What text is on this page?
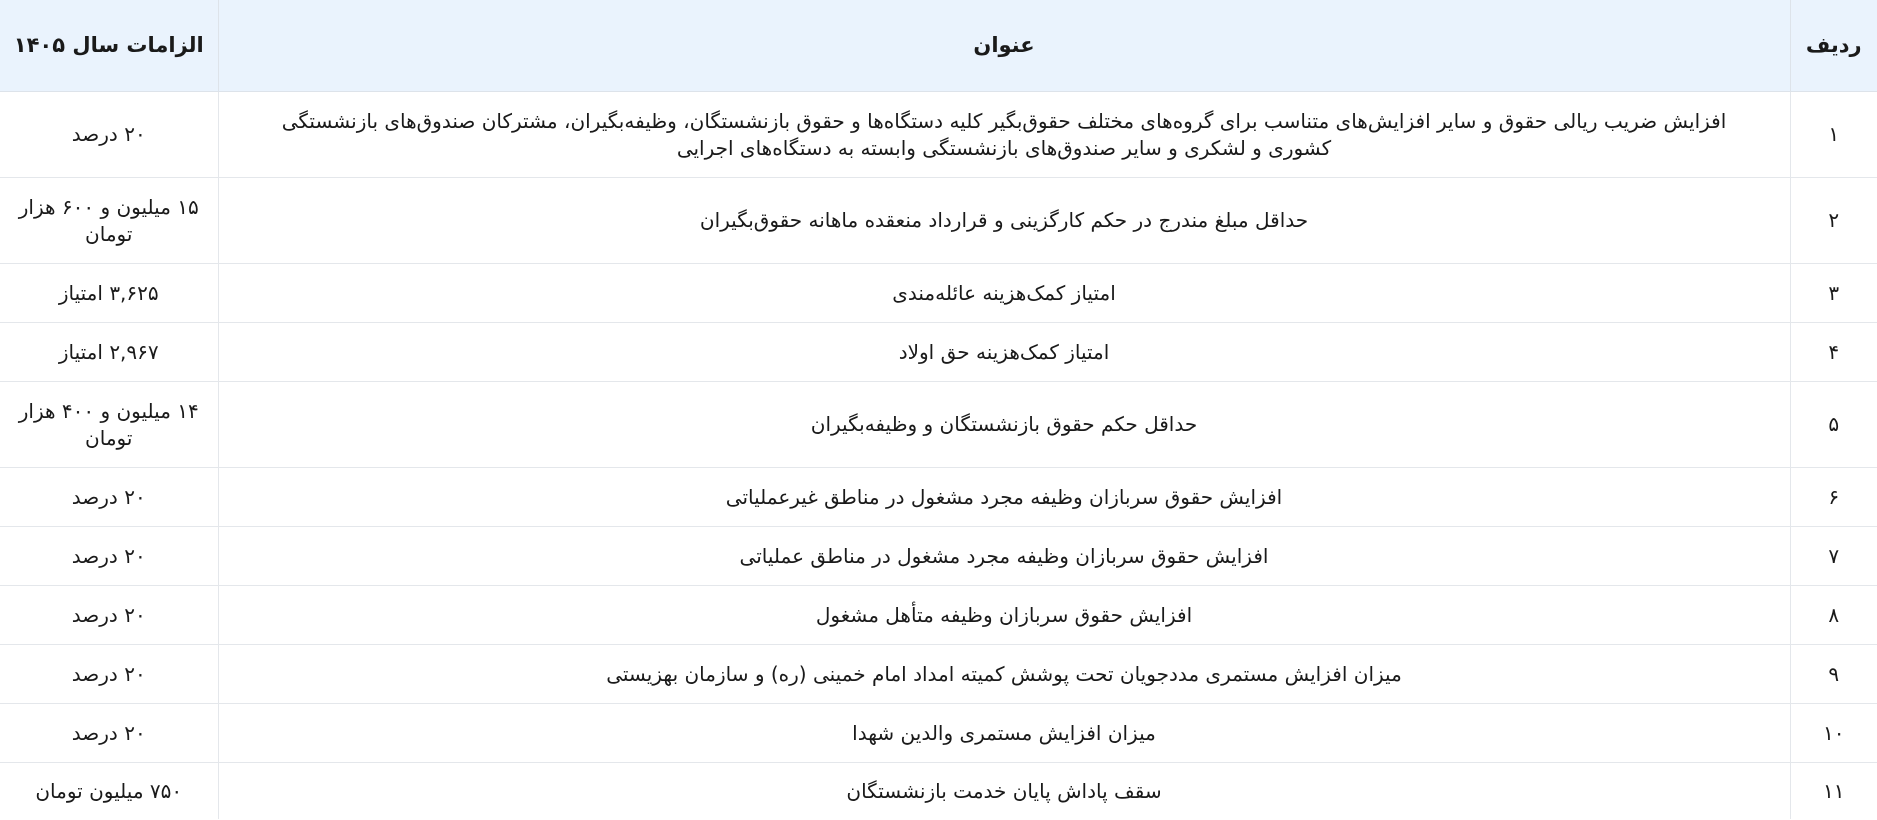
ردیف	عنوان	الزامات سال ۱۴۰۵
۱	افزایش ضریب ریالی حقوق و سایر افزایش‌های متناسب برای گروه‌های مختلف حقوق‌بگیر کلیه دستگاه‌ها و حقوق بازنشستگان، وظیفه‌بگیران، مشترکان صندوق‌های بازنشستگی کشوری و لشکری و سایر صندوق‌های بازنشستگی وابسته به دستگاه‌های اجرایی	۲۰ درصد
۲	حداقل مبلغ مندرج در حکم کارگزینی و قرارداد منعقده ماهانه حقوق‌بگیران	۱۵ میلیون و ۶۰۰ هزار تومان
۳	امتیاز کمک‌هزینه عائله‌مندی	۳,۶۲۵ امتیاز
۴	امتیاز کمک‌هزینه حق اولاد	۲,۹۶۷ امتیاز
۵	حداقل حکم حقوق بازنشستگان و وظیفه‌بگیران	۱۴ میلیون و ۴۰۰ هزار تومان
۶	افزایش حقوق سربازان وظیفه مجرد مشغول در مناطق غیرعملیاتی	۲۰ درصد
۷	افزایش حقوق سربازان وظیفه مجرد مشغول در مناطق عملیاتی	۲۰ درصد
۸	افزایش حقوق سربازان وظیفه متأهل مشغول	۲۰ درصد
۹	میزان افزایش مستمری مددجویان تحت پوشش کمیته امداد امام خمینی (ره) و سازمان بهزیستی	۲۰ درصد
۱۰	میزان افزایش مستمری والدین شهدا	۲۰ درصد
۱۱	سقف پاداش پایان خدمت بازنشستگان	۷۵۰ میلیون تومان
